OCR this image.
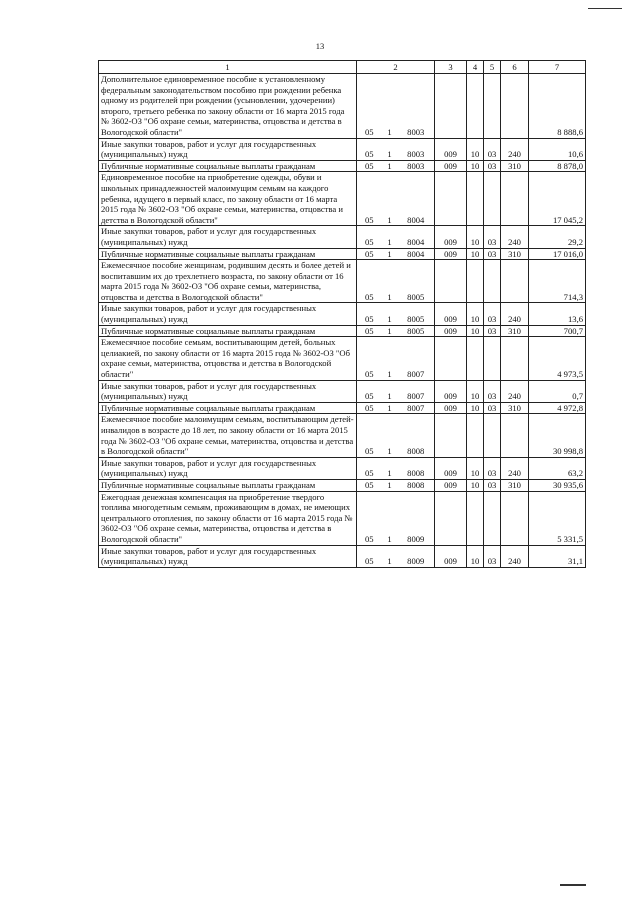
13
1	2			3	4	5	6	7
Дополнительное единовременное пособие к установленному федеральным законодательством пособию при рождении ребенка одному из родителей при рождении (усыновлении, удочерении) второго, третьего ребенка по закону области от 16 марта 2015 года № 3602-ОЗ "Об охране семьи, материнства, отцовства и детства в Вологодской области"	05	1	8003					8 888,6
Иные закупки товаров, работ и услуг для государственных (муниципальных) нужд	05	1	8003	009	10	03	240	10,6
Публичные нормативные социальные выплаты гражданам	05	1	8003	009	10	03	310	8 878,0
Единовременное пособие на приобретение одежды, обуви и школьных принадлежностей малоимущим семьям на каждого ребенка, идущего в первый класс, по закону области от 16 марта 2015 года № 3602-ОЗ "Об охране семьи, материнства, отцовства и детства в Вологодской области"	05	1	8004					17 045,2
Иные закупки товаров, работ и услуг для государственных (муниципальных) нужд	05	1	8004	009	10	03	240	29,2
Публичные нормативные социальные выплаты гражданам	05	1	8004	009	10	03	310	17 016,0
Ежемесячное пособие женщинам, родившим десять и более детей и воспитавшим их до трехлетнего возраста, по закону области от 16 марта 2015 года № 3602-ОЗ "Об охране семьи, материнства, отцовства и детства в Вологодской области"	05	1	8005					714,3
Иные закупки товаров, работ и услуг для государственных (муниципальных) нужд	05	1	8005	009	10	03	240	13,6
Публичные нормативные социальные выплаты гражданам	05	1	8005	009	10	03	310	700,7
Ежемесячное пособие семьям, воспитывающим детей, больных целиакией, по закону области от 16 марта 2015 года № 3602-ОЗ "Об охране семьи, материнства, отцовства и детства в Вологодской области"	05	1	8007					4 973,5
Иные закупки товаров, работ и услуг для государственных (муниципальных) нужд	05	1	8007	009	10	03	240	0,7
Публичные нормативные социальные выплаты гражданам	05	1	8007	009	10	03	310	4 972,8
Ежемесячное пособие малоимущим семьям, воспитывающим детей-инвалидов в возрасте до 18 лет, по закону области от 16 марта 2015 года № 3602-ОЗ "Об охране семьи, материнства, отцовства и детства в Вологодской области"	05	1	8008					30 998,8
Иные закупки товаров, работ и услуг для государственных (муниципальных) нужд	05	1	8008	009	10	03	240	63,2
Публичные нормативные социальные выплаты гражданам	05	1	8008	009	10	03	310	30 935,6
Ежегодная денежная компенсация на приобретение твердого топлива многодетным семьям, проживающим в домах, не имеющих центрального отопления, по закону области от 16 марта 2015 года № 3602-ОЗ "Об охране семьи, материнства, отцовства и детства в Вологодской области"	05	1	8009					5 331,5
Иные закупки товаров, работ и услуг для государственных (муниципальных) нужд	05	1	8009	009	10	03	240	31,1
